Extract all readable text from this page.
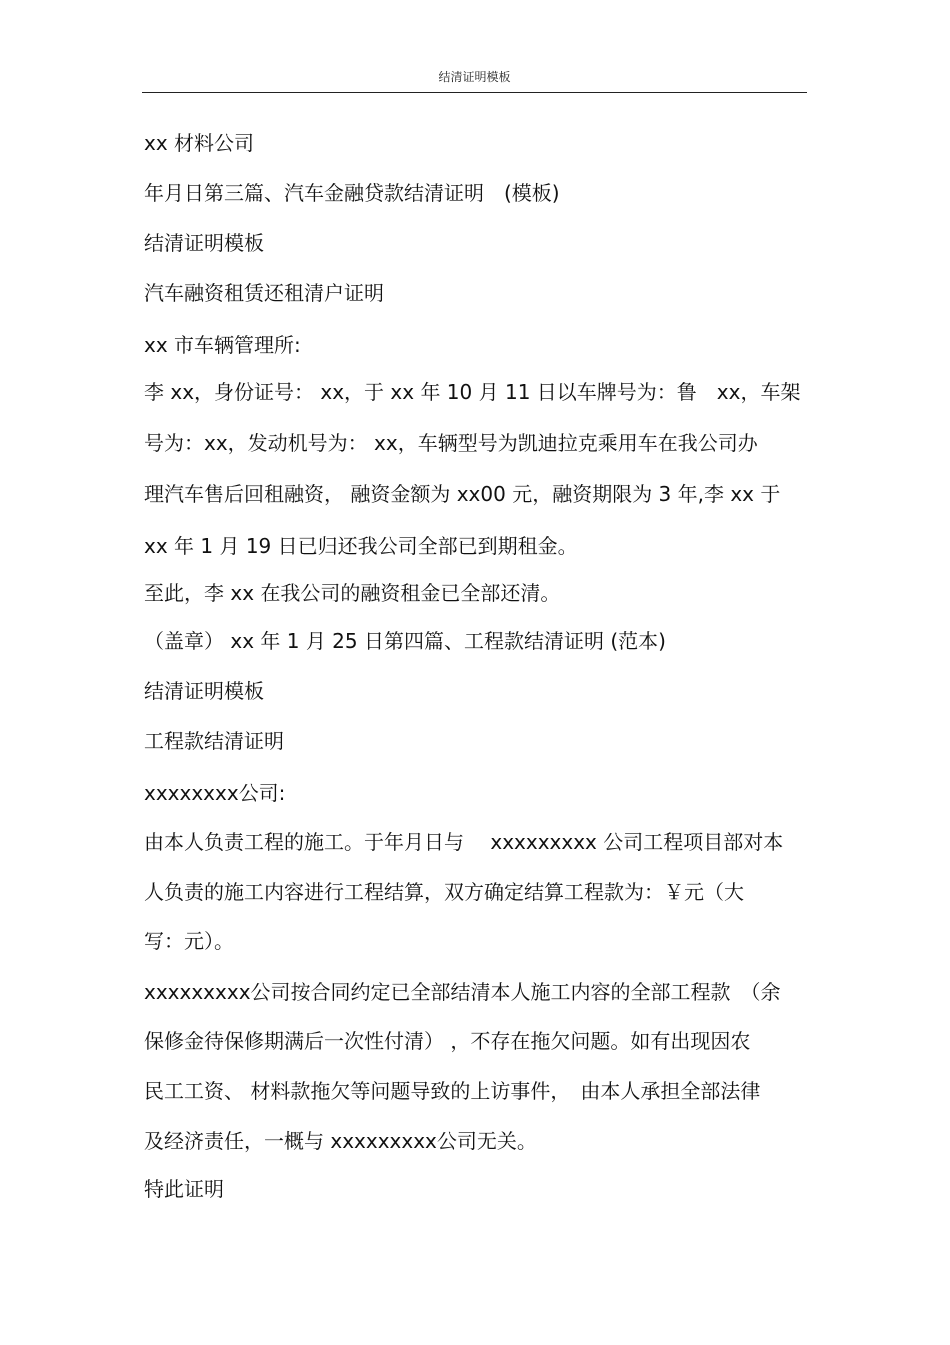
结清证明模板
xx 材料公司
年月日第三篇、汽车金融贷款结清证明　(模板)
结清证明模板
汽车融资租赁还租清户证明
xx 市车辆管理所:
李 xx，身份证号： xx，于 xx 年 10 月 11 日以车牌号为：鲁　xx，车架
号为：xx，发动机号为： xx，车辆型号为凯迪拉克乘用车在我公司办
理汽车售后回租融资， 融资金额为 xx00 元，融资期限为 3 年,李 xx 于
xx 年 1 月 19 日已归还我公司全部已到期租金。
至此，李 xx 在我公司的融资租金已全部还清。
（盖章） xx 年 1 月 25 日第四篇、工程款结清证明 (范本)
结清证明模板
工程款结清证明
xxxxxxxx公司:
由本人负责工程的施工。于年月日与　 xxxxxxxxx 公司工程项目部对本
人负责的施工内容进行工程结算，双方确定结算工程款为：￥元（大
写：元）。
xxxxxxxxx公司按合同约定已全部结清本人施工内容的全部工程款　（余
保修金待保修期满后一次性付清） ，不存在拖欠问题。如有出现因农
民工工资、 材料款拖欠等问题导致的上访事件，　由本人承担全部法律
及经济责任，一概与 xxxxxxxxx公司无关。
特此证明
